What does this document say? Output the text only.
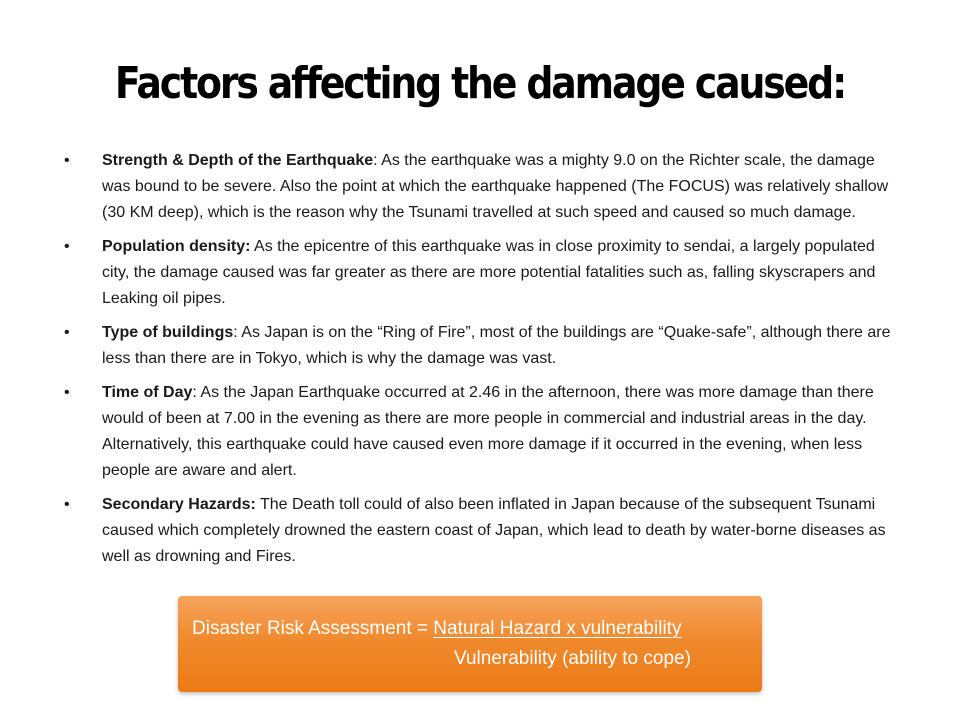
Factors affecting the damage caused:
• Strength & Depth of the Earthquake: As the earthquake was a mighty 9.0 on the Richter scale, the damage was bound to be severe. Also the point at which the earthquake happened (The FOCUS) was relatively shallow (30 KM deep), which is the reason why the Tsunami travelled at such speed and caused so much damage.
• Population density: As the epicentre of this earthquake was in close proximity to sendai, a largely populated city, the damage caused was far greater as there are more potential fatalities such as, falling skyscrapers and Leaking oil pipes.
• Type of buildings: As Japan is on the “Ring of Fire”, most of the buildings are “Quake-safe”, although there are less than there are in Tokyo, which is why the damage was vast.
• Time of Day: As the Japan Earthquake occurred at 2.46 in the afternoon, there was more damage than there would of been at 7.00 in the evening as there are more people in commercial and industrial areas in the day. Alternatively, this earthquake could have caused even more damage if it occurred in the evening, when less people are aware and alert.
• Secondary Hazards: The Death toll could of also been inflated in Japan because of the subsequent Tsunami caused which completely drowned the eastern coast of Japan, which lead to death by water-borne diseases as well as drowning and Fires.
Disaster Risk Assessment = Natural Hazard x vulnerability
Vulnerability (ability to cope)
